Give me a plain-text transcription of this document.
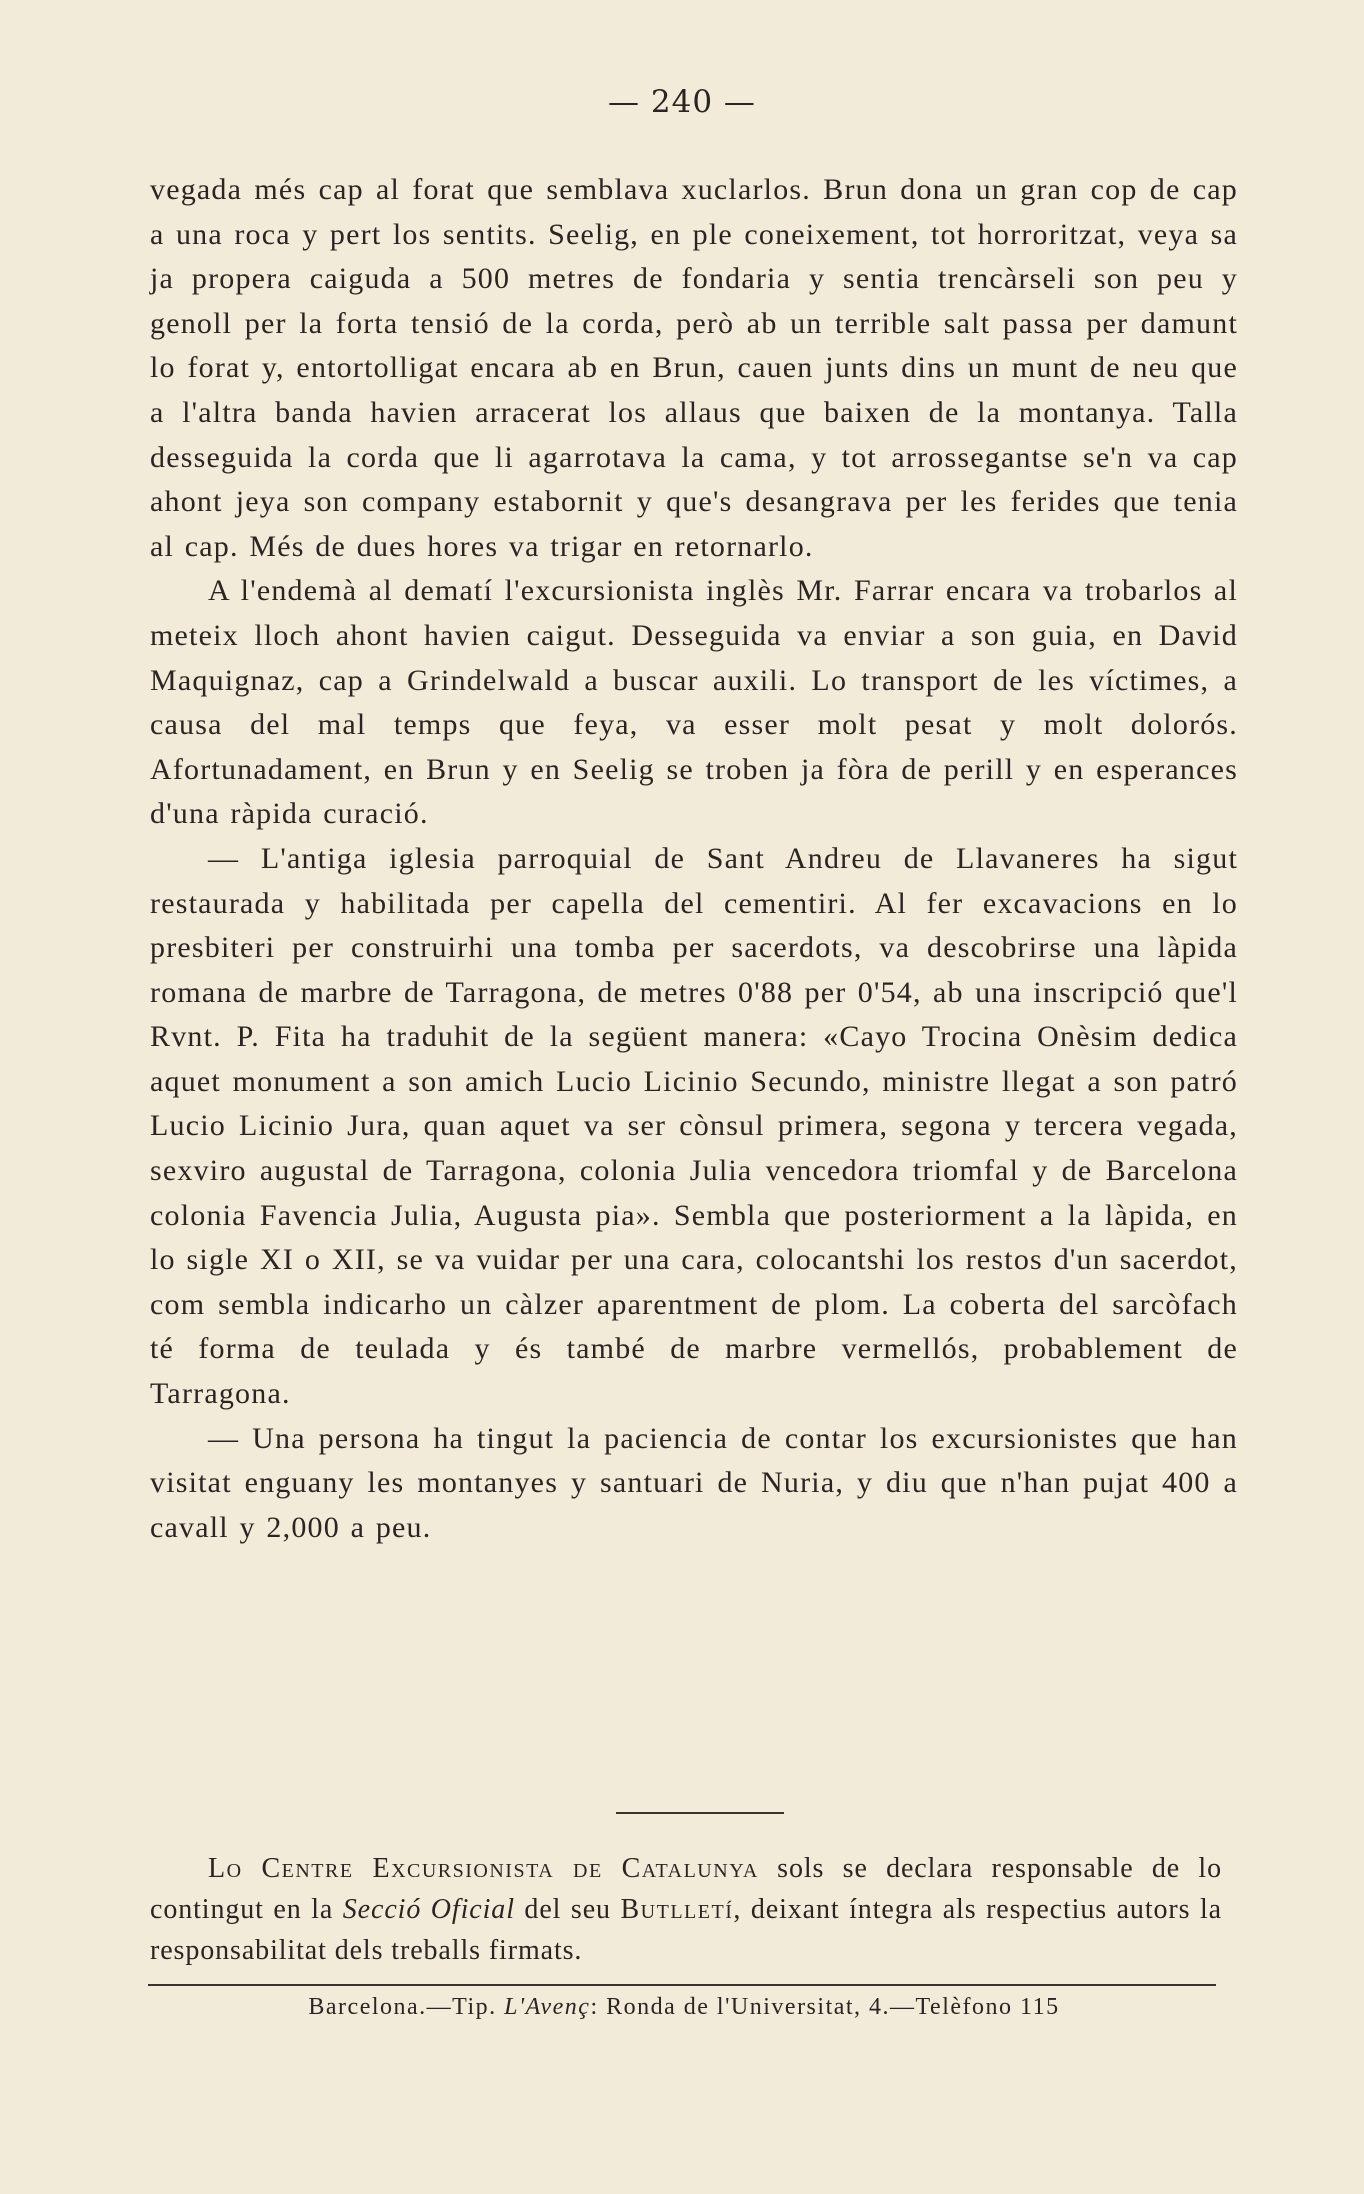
— 240 —

vegada més cap al forat que semblava xuclarlos. Brun dona un gran cop de cap a una roca y pert los sentits. Seelig, en ple coneixement, tot horroritzat, veya sa ja propera caiguda a 500 metres de fondaria y sentia trencàrseli son peu y genoll per la forta tensió de la corda, però ab un terrible salt passa per damunt lo forat y, entortolligat encara ab en Brun, cauen junts dins un munt de neu que a l'altra banda havien arracerat los allaus que baixen de la montanya. Talla desseguida la corda que li agarrotava la cama, y tot arrossegantse se'n va cap ahont jeya son company estabornit y que's desangrava per les ferides que tenia al cap. Més de dues hores va trigar en retornarlo.

A l'endemà al dematí l'excursionista inglès Mr. Farrar encara va trobarlos al meteix lloch ahont havien caigut. Desseguida va enviar a son guia, en David Maquignaz, cap a Grindelwald a buscar auxili. Lo transport de les víctimes, a causa del mal temps que feya, va esser molt pesat y molt dolorós. Afortunadament, en Brun y en Seelig se troben ja fòra de perill y en esperances d'una ràpida curació.

— L'antiga iglesia parroquial de Sant Andreu de Llavaneres ha sigut restaurada y habilitada per capella del cementiri. Al fer excavacions en lo presbiteri per construirhi una tomba per sacerdots, va descobrirse una làpida romana de marbre de Tarragona, de metres 0'88 per 0'54, ab una inscripció que'l Rvnt. P. Fita ha traduhit de la següent manera: «Cayo Trocina Onèsim dedica aquet monument a son amich Lucio Licinio Secundo, ministre llegat a son patró Lucio Licinio Jura, quan aquet va ser cònsul primera, segona y tercera vegada, sexviro augustal de Tarragona, colonia Julia vencedora triomfal y de Barcelona colonia Favencia Julia, Augusta pia». Sembla que posteriorment a la làpida, en lo sigle XI o XII, se va vuidar per una cara, colocantshi los restos d'un sacerdot, com sembla indicarho un càlzer aparentment de plom. La coberta del sarcòfach té forma de teulada y és també de marbre vermellós, probablement de Tarragona.

— Una persona ha tingut la paciencia de contar los excursionistes que han visitat enguany les montanyes y santuari de Nuria, y diu que n'han pujat 400 a cavall y 2,000 a peu.

Lo Centre Excursionista de Catalunya sols se declara responsable de lo contingut en la Secció Oficial del seu Butlletí, deixant íntegra als respectius autors la responsabilitat dels treballs firmats.

Barcelona.—Tip. L'Avenç: Ronda de l'Universitat, 4.—Telèfono 115
